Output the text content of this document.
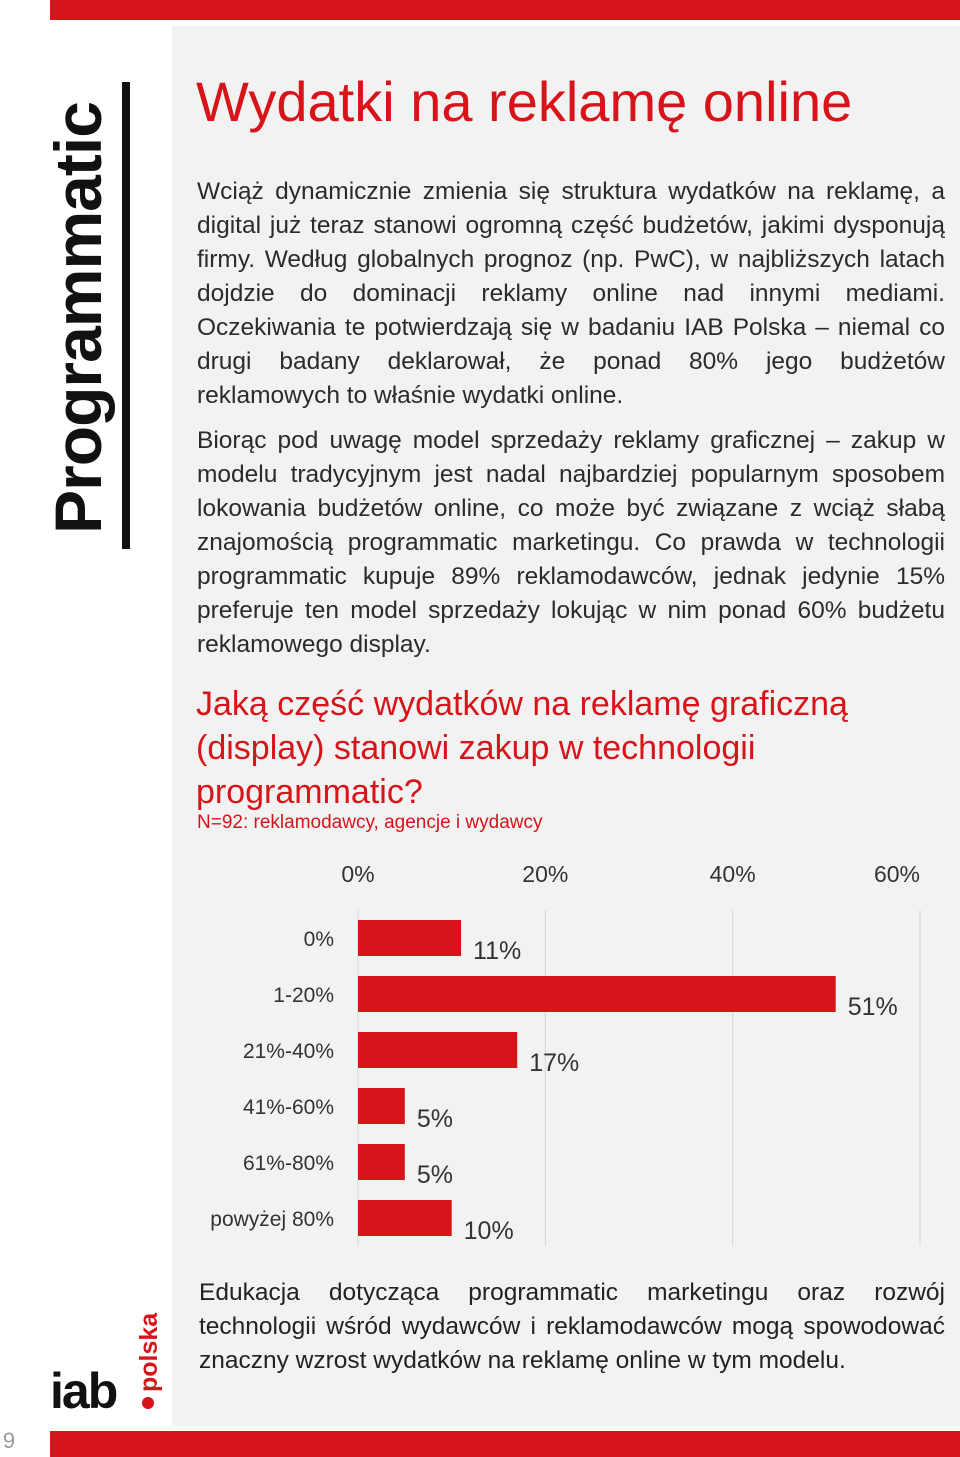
Programmatic
Wydatki na reklamę online

Wciąż dynamicznie zmienia się struktura wydatków na reklamę, a digital już teraz stanowi ogromną część budżetów, jakimi dysponują firmy. Według globalnych prognoz (np. PwC), w najbliższych latach dojdzie do dominacji reklamy online nad innymi mediami. Oczekiwania te potwierdzają się w badaniu IAB Polska – niemal co drugi badany deklarował, że ponad 80% jego budżetów reklamowych to właśnie wydatki online.

Biorąc pod uwagę model sprzedaży reklamy graficznej – zakup w modelu tradycyjnym jest nadal najbardziej popularnym sposobem lokowania budżetów online, co może być związane z wciąż słabą znajomością programmatic marketingu. Co prawda w technologii programmatic kupuje 89% reklamodawców, jednak jedynie 15% preferuje ten model sprzedaży lokując w nim ponad 60% budżetu reklamowego display.

Jaką część wydatków na reklamę graficzną (display) stanowi zakup w technologii programmatic?
N=92: reklamodawcy, agencje i wydawcy
0%	20%	40%	60%
0%	11%
1-20%	51%
21%-40%	17%
41%-60%	5%
61%-80%	5%
powyżej 80%	10%

Edukacja dotycząca programmatic marketingu oraz rozwój technologii wśród wydawców i reklamodawców mogą spowodować znaczny wzrost wydatków na reklamę online w tym modelu.

iab polska
9
